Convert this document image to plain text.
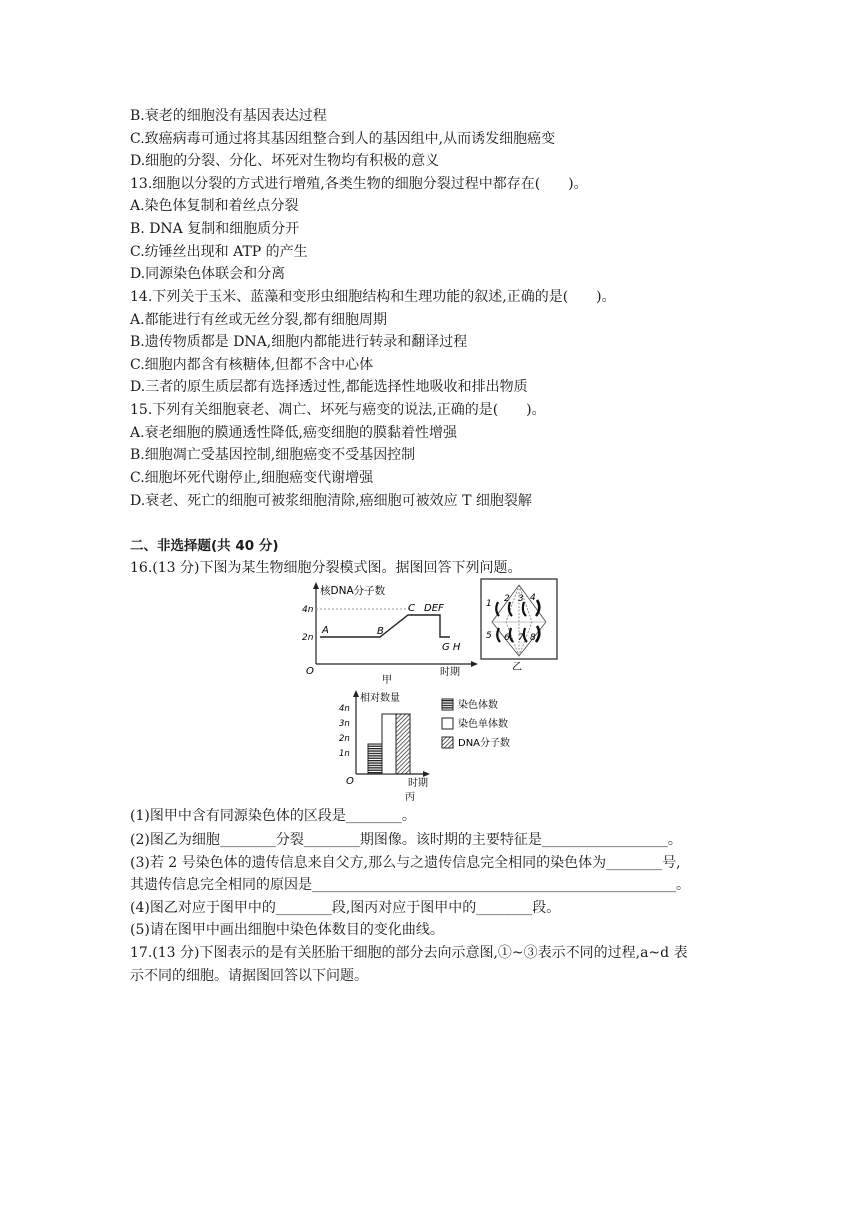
B.衰老的细胞没有基因表达过程
C.致癌病毒可通过将其基因组整合到人的基因组中,从而诱发细胞癌变
D.细胞的分裂、分化、坏死对生物均有积极的意义
13.细胞以分裂的方式进行增殖,各类生物的细胞分裂过程中都存在(　　)。
A.染色体复制和着丝点分裂
B. DNA 复制和细胞质分开
C.纺锤丝出现和 ATP 的产生
D.同源染色体联会和分离
14.下列关于玉米、蓝藻和变形虫细胞结构和生理功能的叙述,正确的是(　　)。
A.都能进行有丝或无丝分裂,都有细胞周期
B.遗传物质都是 DNA,细胞内都能进行转录和翻译过程
C.细胞内都含有核糖体,但都不含中心体
D.三者的原生质层都有选择透过性,都能选择性地吸收和排出物质
15.下列有关细胞衰老、凋亡、坏死与癌变的说法,正确的是(　　)。
A.衰老细胞的膜通透性降低,癌变细胞的膜黏着性增强
B.细胞凋亡受基因控制,细胞癌变不受基因控制
C.细胞坏死代谢停止,细胞癌变代谢增强
D.衰老、死亡的细胞可被浆细胞清除,癌细胞可被效应 T 细胞裂解
二、非选择题(共 40 分)
16.(13 分)下图为某生物细胞分裂模式图。据图回答下列问题。
核DNA分子数
4n
2n
O
A	B
C DEF
G H
时期
甲
1 2 3 4
5 6 7 8
乙
相对数量
4n
3n
2n
1n
O	时期
丙
染色体数
染色单体数
DNA分子数
(1)图甲中含有同源染色体的区段是________。
(2)图乙为细胞________分裂________期图像。该时期的主要特征是__________________。
(3)若 2 号染色体的遗传信息来自父方,那么与之遗传信息完全相同的染色体为________号,
其遗传信息完全相同的原因是____________________________________________________。
(4)图乙对应于图甲中的________段,图丙对应于图甲中的________段。
(5)请在图甲中画出细胞中染色体数目的变化曲线。
17.(13 分)下图表示的是有关胚胎干细胞的部分去向示意图,①~③表示不同的过程,a~d 表
示不同的细胞。请据图回答以下问题。
